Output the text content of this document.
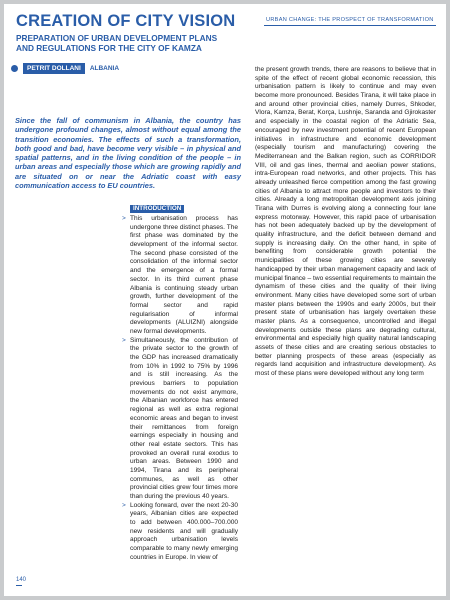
CREATION OF CITY VISION	URBAN CHANGE: THE PROSPECT OF TRANSFORMATION
PREPARATION OF URBAN DEVELOPMENT PLANS
AND REGULATIONS FOR THE CITY OF KAMZA
PETRIT DOLLANI	ALBANIA

Since the fall of communism in Albania, the country has undergone profound changes, almost without equal among the transition economies. The effects of such a transformation, both good and bad, have become very visible – in physical and spatial patterns, and in the living condition of the people – in urban areas and especially those which are growing rapidly and are situated on or near the Adriatic coast with easy communication access to EU countries.

INTRODUCTION

> This urbanisation process has undergone three distinct phases. The first phase was dominated by the development of the informal sector. The second phase consisted of the consolidation of the informal sector and the emergence of a formal sector. In its third current phase Albania is continuing steady urban growth, further development of the formal sector and rapid regularisation of informal developments (ALUIZNI) alongside new formal developments.

> Simultaneously, the contribution of the private sector to the growth of the GDP has increased dramatically from 10% in 1992 to 75% by 1996 and is still increasing. As the previous barriers to population movements do not exist anymore, the Albanian workforce has entered regional as well as extra regional economic areas and began to invest their remittances from foreign earnings especially in housing and other real estate sectors. This has provoked an overall rural exodus to urban areas. Between 1990 and 1994, Tirana and its peripheral communes, as well as other provincial cities grew four times more than during the previous 40 years.

> Looking forward, over the next 20-30 years, Albanian cities are expected to add between 400.000–700.000 new residents and will gradually approach urbanisation levels comparable to many newly emerging countries in Europe. In view of

the present growth trends, there are reasons to believe that in spite of the effect of recent global economic recession, this urbanisation pattern is likely to continue and may even become more pronounced. Besides Tirana, it will take place in and around other provincial cities, namely Durres, Shkoder, Vlora, Kamza, Berat, Korça, Lushnje, Saranda and Gjirokaster and especially in the coastal region of the Adriatic Sea, encouraged by new investment potential of recent European initiatives in infrastructure and economic development (especially tourism and manufacturing) covering the Mediterranean and the Balkan region, such as CORRIDOR VIII, oil and gas lines, thermal and aeolian power stations, intra-European road networks, and other projects. This has already unleashed fierce competition among the fast growing cities of Albania to attract more people and investors to their cities. Already a long metropolitan development axis joining Tirana with Durres is evolving along a connecting four lane express motorway. However, this rapid pace of urbanisation has not been adequately backed up by the development of quality infrastructure, and the deficit between demand and supply is increasing daily. On the other hand, in spite of benefiting from considerable growth potential the municipalities of these growing cities are severely handicapped by their urban management capacity and lack of municipal finance – two essential requirements to maintain the dynamism of these cities and the quality of their living environment. Many cities have developed some sort of urban master plans between the 1990s and early 2000s, but their present state of urbanisation has largely overtaken these master plans. As a consequence, uncontrolled and illegal developments outside these plans are degrading cultural, environmental and especially high quality natural landscaping assets of these cities and are creating serious obstacles to better planning prospects of these areas (especially as regards land acquisition and infrastructure development). As most of these plans were developed without any long term

140
